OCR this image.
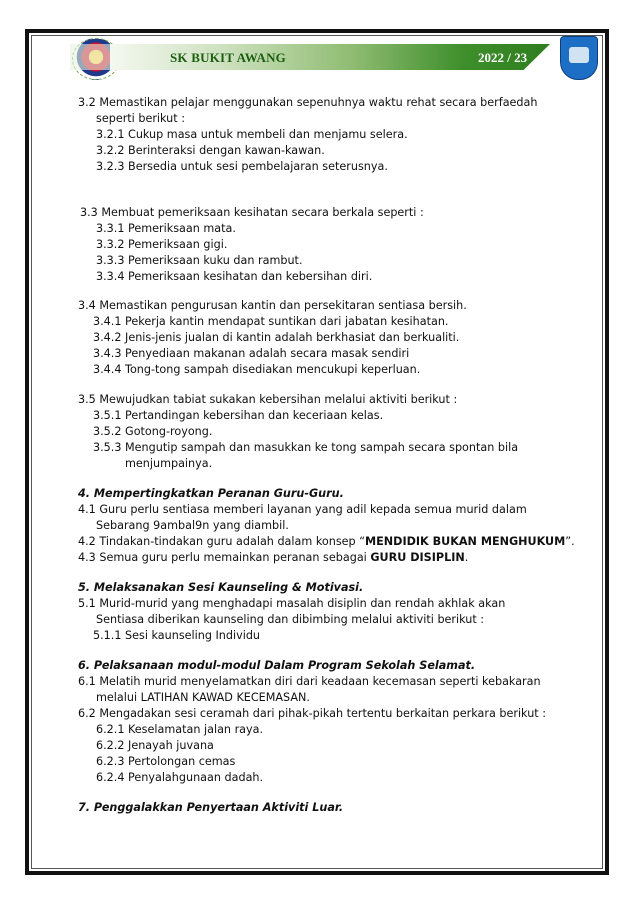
SK BUKIT AWANG	2022 / 23
3.2 Memastikan pelajar menggunakan sepenuhnya waktu rehat secara berfaedah
seperti berikut :
3.2.1 Cukup masa untuk membeli dan menjamu selera.
3.2.2 Berinteraksi dengan kawan-kawan.
3.2.3 Bersedia untuk sesi pembelajaran seterusnya.
3.3 Membuat pemeriksaan kesihatan secara berkala seperti :
3.3.1 Pemeriksaan mata.
3.3.2 Pemeriksaan gigi.
3.3.3 Pemeriksaan kuku dan rambut.
3.3.4 Pemeriksaan kesihatan dan kebersihan diri.
3.4 Memastikan pengurusan kantin dan persekitaran sentiasa bersih.
3.4.1 Pekerja kantin mendapat suntikan dari jabatan kesihatan.
3.4.2 Jenis-jenis jualan di kantin adalah berkhasiat dan berkualiti.
3.4.3 Penyediaan makanan adalah secara masak sendiri
3.4.4 Tong-tong sampah disediakan mencukupi keperluan.
3.5 Mewujudkan tabiat sukakan kebersihan melalui aktiviti berikut :
3.5.1 Pertandingan kebersihan dan keceriaan kelas.
3.5.2 Gotong-royong.
3.5.3 Mengutip sampah dan masukkan ke tong sampah secara spontan bila
menjumpainya.
4. Mempertingkatkan Peranan Guru-Guru.
4.1 Guru perlu sentiasa memberi layanan yang adil kepada semua murid dalam
Sebarang 9ambal9n yang diambil.
4.2 Tindakan-tindakan guru adalah dalam konsep “MENDIDIK BUKAN MENGHUKUM”.
4.3 Semua guru perlu memainkan peranan sebagai GURU DISIPLIN.
5. Melaksanakan Sesi Kaunseling & Motivasi.
5.1 Murid-murid yang menghadapi masalah disiplin dan rendah akhlak akan
Sentiasa diberikan kaunseling dan dibimbing melalui aktiviti berikut :
5.1.1 Sesi kaunseling Individu
6. Pelaksanaan modul-modul Dalam Program Sekolah Selamat.
6.1 Melatih murid menyelamatkan diri dari keadaan kecemasan seperti kebakaran
melalui LATIHAN KAWAD KECEMASAN.
6.2 Mengadakan sesi ceramah dari pihak-pikah tertentu berkaitan perkara berikut :
6.2.1 Keselamatan jalan raya.
6.2.2 Jenayah juvana
6.2.3 Pertolongan cemas
6.2.4 Penyalahgunaan dadah.
7. Penggalakkan Penyertaan Aktiviti Luar.
